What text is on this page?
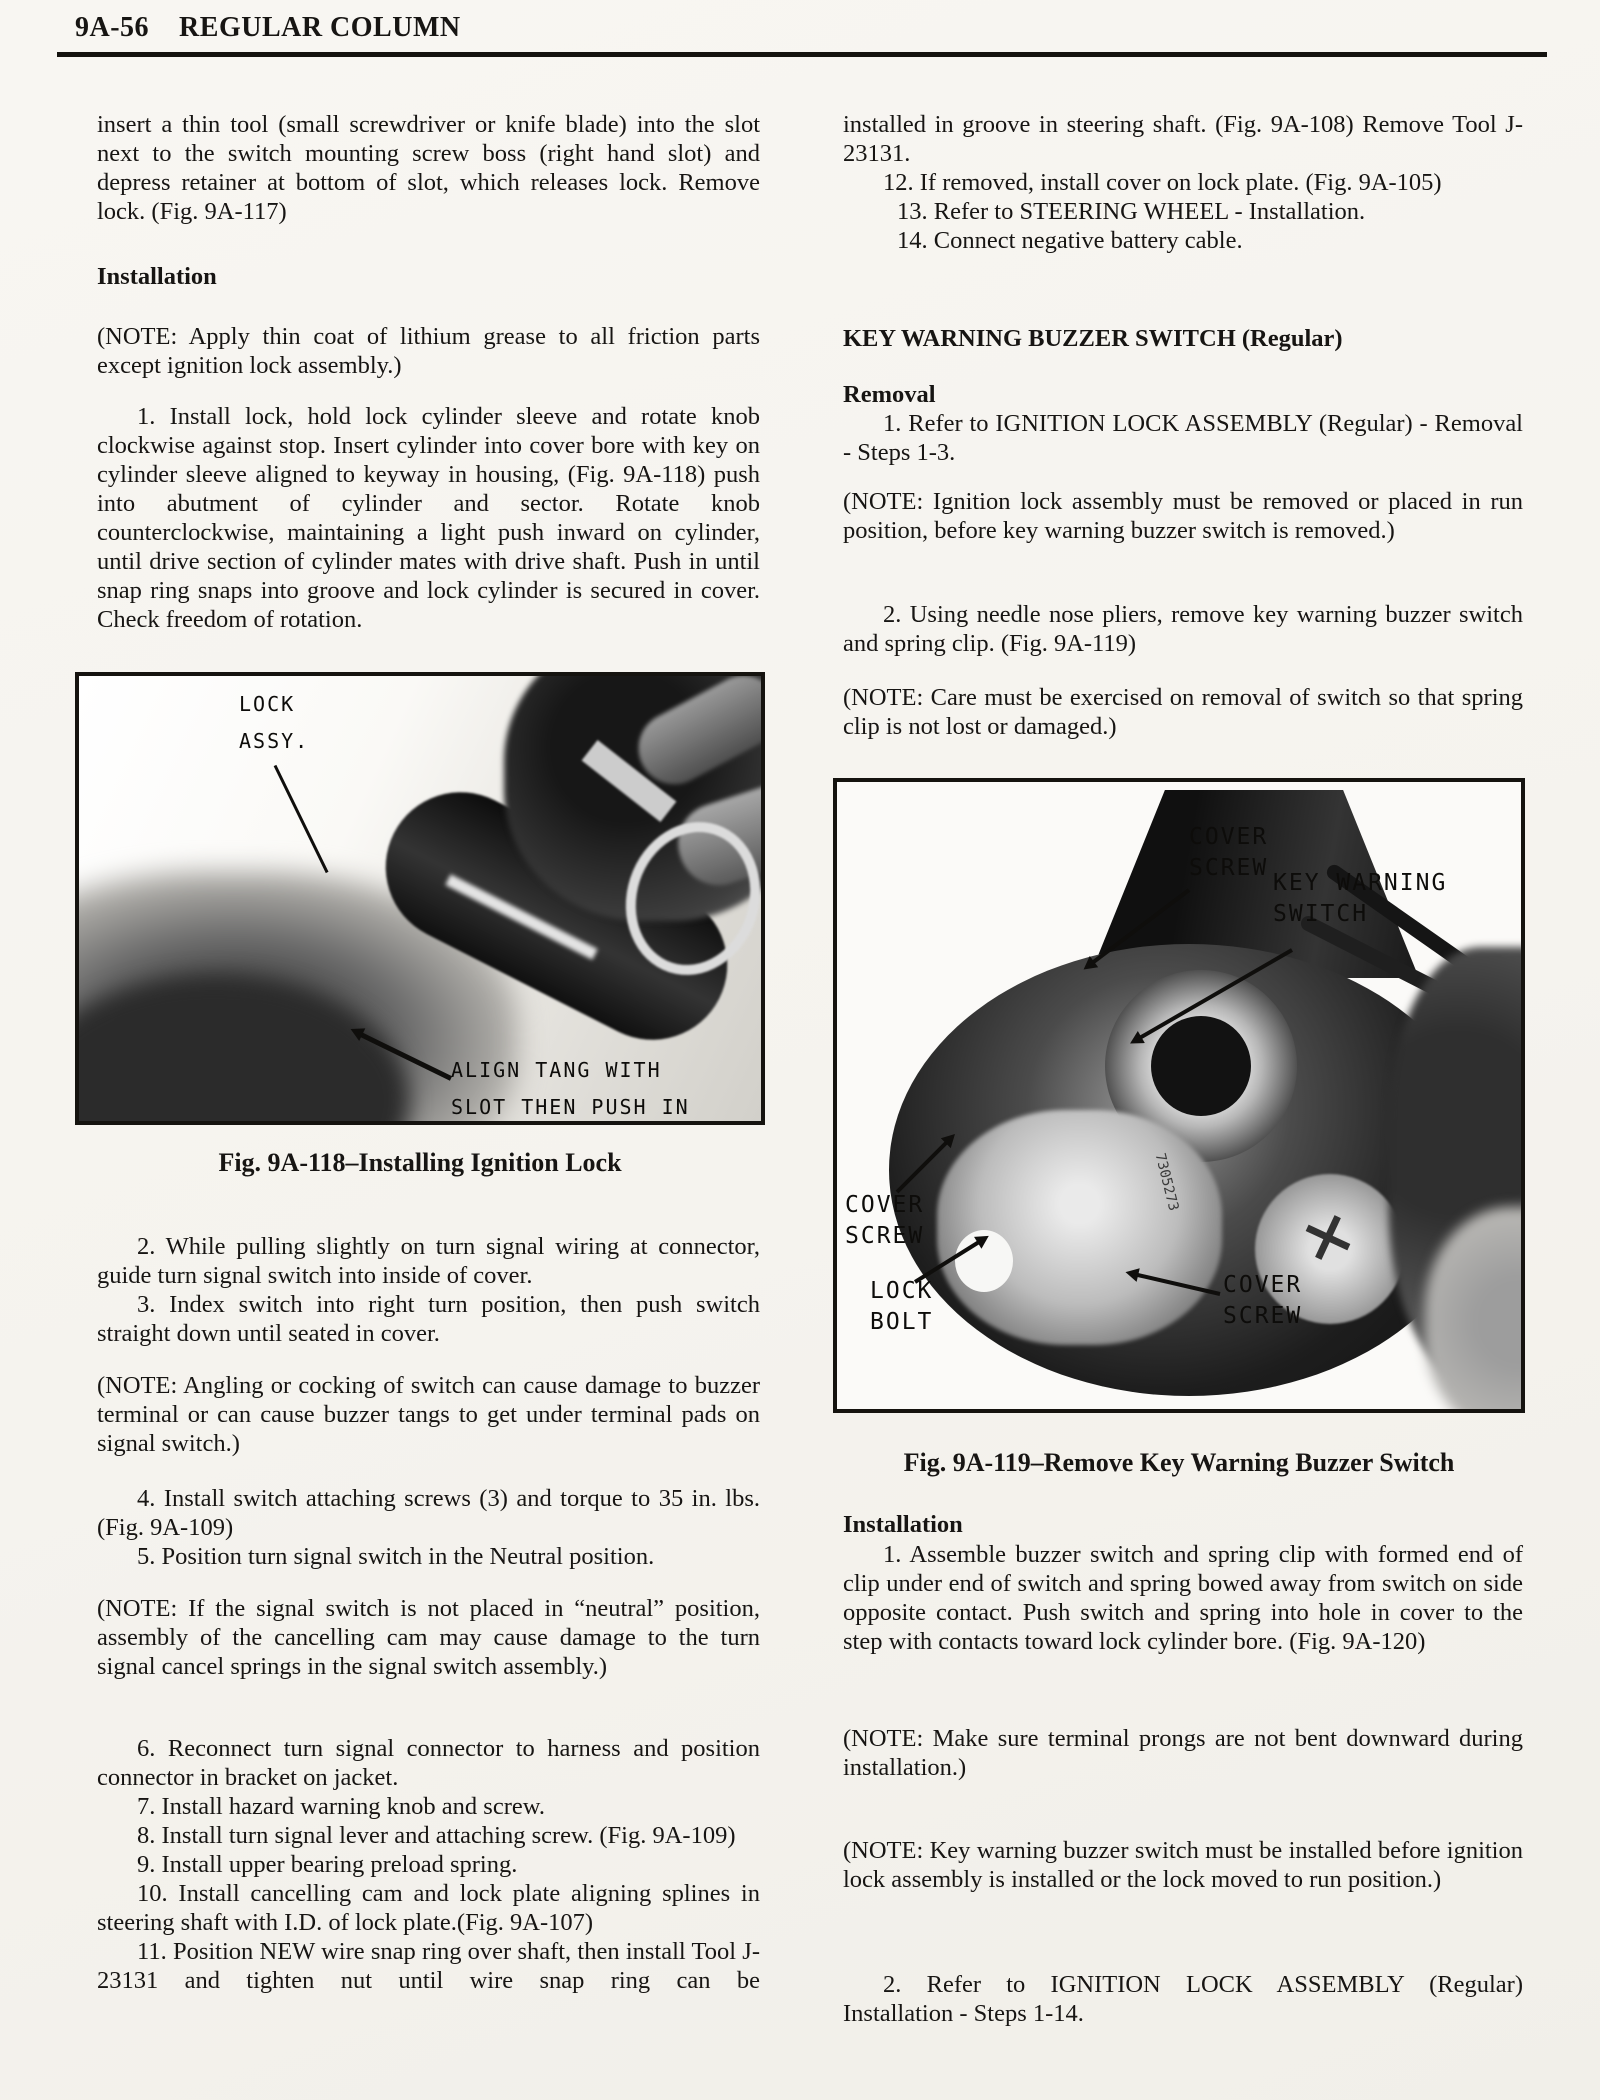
9A-56 REGULAR COLUMN

insert a thin tool (small screwdriver or knife blade) into the slot next to the switch mounting screw boss (right hand slot) and depress retainer at bottom of slot, which releases lock. Remove lock. (Fig. 9A-117)

Installation

(NOTE: Apply thin coat of lithium grease to all friction parts except ignition lock assembly.)

1. Install lock, hold lock cylinder sleeve and rotate knob clockwise against stop. Insert cylinder into cover bore with key on cylinder sleeve aligned to keyway in housing, (Fig. 9A-118) push into abutment of cylinder and sector. Rotate knob counterclockwise, maintaining a light push inward on cylinder, until drive section of cylinder mates with drive shaft. Push in until snap ring snaps into groove and lock cylinder is secured in cover. Check freedom of rotation.

LOCK ASSY.
ALIGN TANG WITH SLOT THEN PUSH IN
Fig. 9A-118–Installing Ignition Lock

2. While pulling slightly on turn signal wiring at connector, guide turn signal switch into inside of cover.

3. Index switch into right turn position, then push switch straight down until seated in cover.

(NOTE: Angling or cocking of switch can cause damage to buzzer terminal or can cause buzzer tangs to get under terminal pads on signal switch.)

4. Install switch attaching screws (3) and torque to 35 in. lbs. (Fig. 9A-109)

5. Position turn signal switch in the Neutral position.

(NOTE: If the signal switch is not placed in “neutral” position, assembly of the cancelling cam may cause damage to the turn signal cancel springs in the signal switch assembly.)

6. Reconnect turn signal connector to harness and position connector in bracket on jacket.

7. Install hazard warning knob and screw.

8. Install turn signal lever and attaching screw. (Fig. 9A-109)

9. Install upper bearing preload spring.

10. Install cancelling cam and lock plate aligning splines in steering shaft with I.D. of lock plate.(Fig. 9A-107)

11. Position NEW wire snap ring over shaft, then install Tool J-23131 and tighten nut until wire snap ring can be

installed in groove in steering shaft. (Fig. 9A-108) Remove Tool J-23131.

12. If removed, install cover on lock plate. (Fig. 9A-105)

13. Refer to STEERING WHEEL - Installation.

14. Connect negative battery cable.

KEY WARNING BUZZER SWITCH (Regular)

Removal

1. Refer to IGNITION LOCK ASSEMBLY (Regular) - Removal - Steps 1-3.

(NOTE: Ignition lock assembly must be removed or placed in run position, before key warning buzzer switch is removed.)

2. Using needle nose pliers, remove key warning buzzer switch and spring clip. (Fig. 9A-119)

(NOTE: Care must be exercised on removal of switch so that spring clip is not lost or damaged.)

7305273
COVER SCREW
KEY WARNING SWITCH
COVER SCREW
LOCK BOLT
COVER SCREW
Fig. 9A-119–Remove Key Warning Buzzer Switch

Installation

1. Assemble buzzer switch and spring clip with formed end of clip under end of switch and spring bowed away from switch on side opposite contact. Push switch and spring into hole in cover to the step with contacts toward lock cylinder bore. (Fig. 9A-120)

(NOTE: Make sure terminal prongs are not bent downward during installation.)

(NOTE: Key warning buzzer switch must be installed before ignition lock assembly is installed or the lock moved to run position.)

2. Refer to IGNITION LOCK ASSEMBLY (Regular) Installation - Steps 1-14.
